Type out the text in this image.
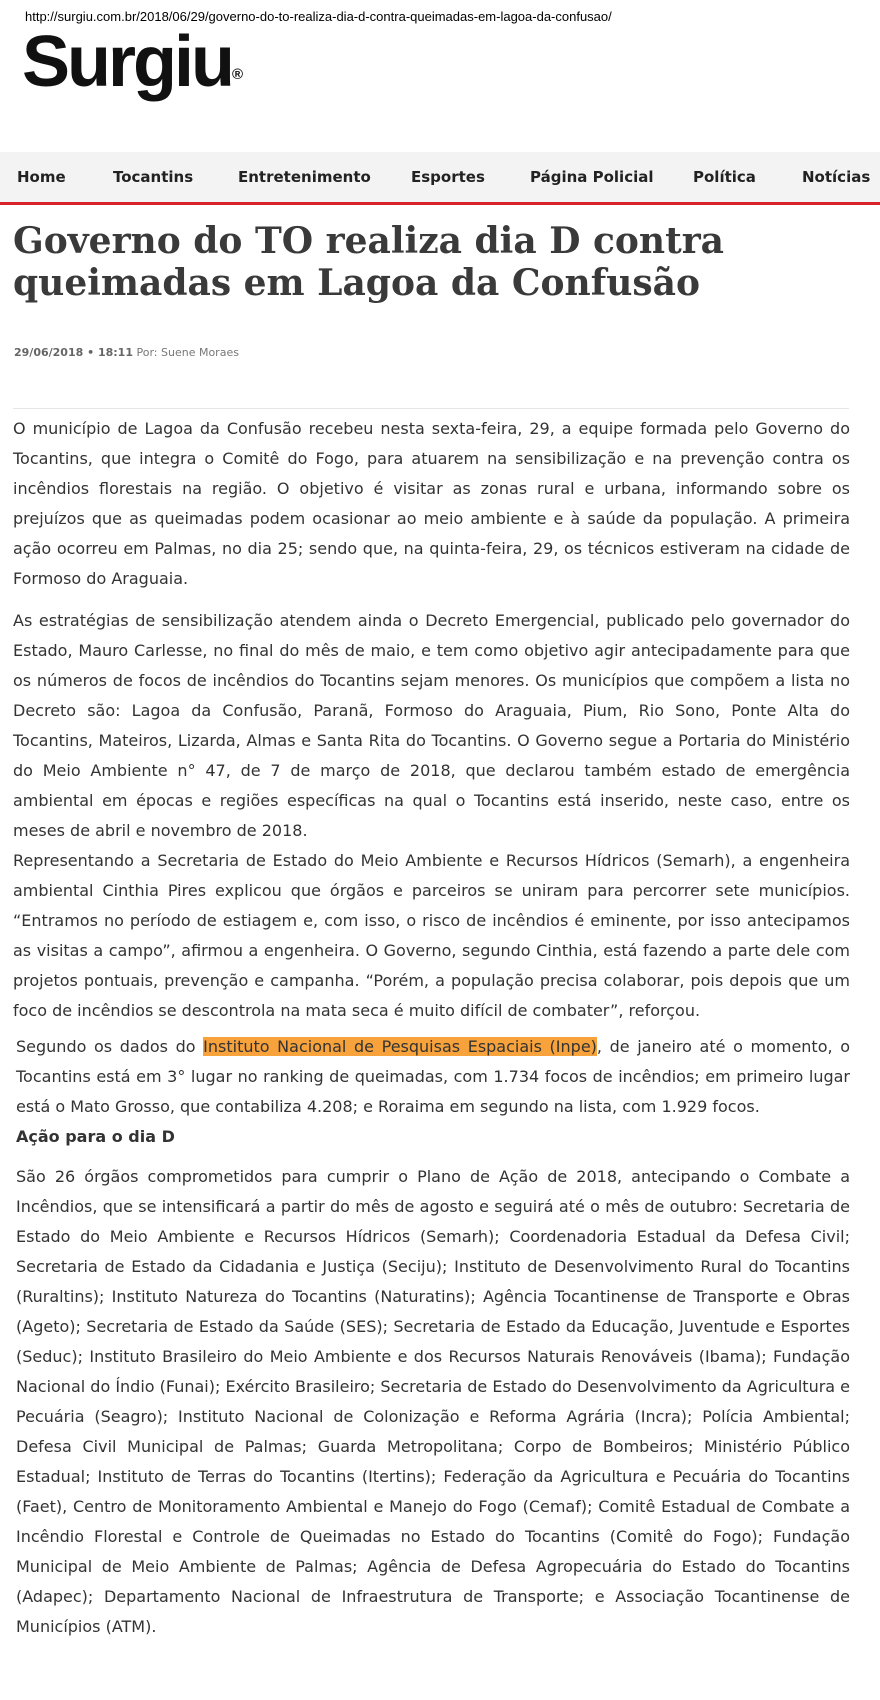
http://surgiu.com.br/2018/06/29/governo-do-to-realiza-dia-d-contra-queimadas-em-lagoa-da-confusao/
Surgiu ®
Home	Tocantins	Entretenimento	Esportes	Página Policial	Política	Notícias
Governo do TO realiza dia D contra queimadas em Lagoa da Confusão
29/06/2018 • 18:11 Por: Suene Moraes

O município de Lagoa da Confusão recebeu nesta sexta-feira, 29, a equipe formada pelo Governo do Tocantins, que integra o Comitê do Fogo, para atuarem na sensibilização e na prevenção contra os incêndios florestais na região. O objetivo é visitar as zonas rural e urbana, informando sobre os prejuízos que as queimadas podem ocasionar ao meio ambiente e à saúde da população. A primeira ação ocorreu em Palmas, no dia 25; sendo que, na quinta-feira, 29, os técnicos estiveram na cidade de Formoso do Araguaia.

As estratégias de sensibilização atendem ainda o Decreto Emergencial, publicado pelo governador do Estado, Mauro Carlesse, no final do mês de maio, e tem como objetivo agir antecipadamente para que os números de focos de incêndios do Tocantins sejam menores. Os municípios que compõem a lista no Decreto são: Lagoa da Confusão, Paranã, Formoso do Araguaia, Pium, Rio Sono, Ponte Alta do Tocantins, Mateiros, Lizarda, Almas e Santa Rita do Tocantins. O Governo segue a Portaria do Ministério do Meio Ambiente n° 47, de 7 de março de 2018, que declarou também estado de emergência ambiental em épocas e regiões específicas na qual o Tocantins está inserido, neste caso, entre os meses de abril e novembro de 2018.

Representando a Secretaria de Estado do Meio Ambiente e Recursos Hídricos (Semarh), a engenheira ambiental Cinthia Pires explicou que órgãos e parceiros se uniram para percorrer sete municípios. “Entramos no período de estiagem e, com isso, o risco de incêndios é eminente, por isso antecipamos as visitas a campo”, afirmou a engenheira. O Governo, segundo Cinthia, está fazendo a parte dele com projetos pontuais, prevenção e campanha. “Porém, a população precisa colaborar, pois depois que um foco de incêndios se descontrola na mata seca é muito difícil de combater”, reforçou.

Segundo os dados do Instituto Nacional de Pesquisas Espaciais (Inpe), de janeiro até o momento, o Tocantins está em 3° lugar no ranking de queimadas, com 1.734 focos de incêndios; em primeiro lugar está o Mato Grosso, que contabiliza 4.208; e Roraima em segundo na lista, com 1.929 focos.

Ação para o dia D

São 26 órgãos comprometidos para cumprir o Plano de Ação de 2018, antecipando o Combate a Incêndios, que se intensificará a partir do mês de agosto e seguirá até o mês de outubro: Secretaria de Estado do Meio Ambiente e Recursos Hídricos (Semarh); Coordenadoria Estadual da Defesa Civil; Secretaria de Estado da Cidadania e Justiça (Seciju); Instituto de Desenvolvimento Rural do Tocantins (Ruraltins); Instituto Natureza do Tocantins (Naturatins); Agência Tocantinense de Transporte e Obras (Ageto); Secretaria de Estado da Saúde (SES); Secretaria de Estado da Educação, Juventude e Esportes (Seduc); Instituto Brasileiro do Meio Ambiente e dos Recursos Naturais Renováveis (Ibama); Fundação Nacional do Índio (Funai); Exército Brasileiro; Secretaria de Estado do Desenvolvimento da Agricultura e Pecuária (Seagro); Instituto Nacional de Colonização e Reforma Agrária (Incra); Polícia Ambiental; Defesa Civil Municipal de Palmas; Guarda Metropolitana; Corpo de Bombeiros; Ministério Público Estadual; Instituto de Terras do Tocantins (Itertins); Federação da Agricultura e Pecuária do Tocantins (Faet), Centro de Monitoramento Ambiental e Manejo do Fogo (Cemaf); Comitê Estadual de Combate a Incêndio Florestal e Controle de Queimadas no Estado do Tocantins (Comitê do Fogo); Fundação Municipal de Meio Ambiente de Palmas; Agência de Defesa Agropecuária do Estado do Tocantins (Adapec); Departamento Nacional de Infraestrutura de Transporte; e Associação Tocantinense de Municípios (ATM).
